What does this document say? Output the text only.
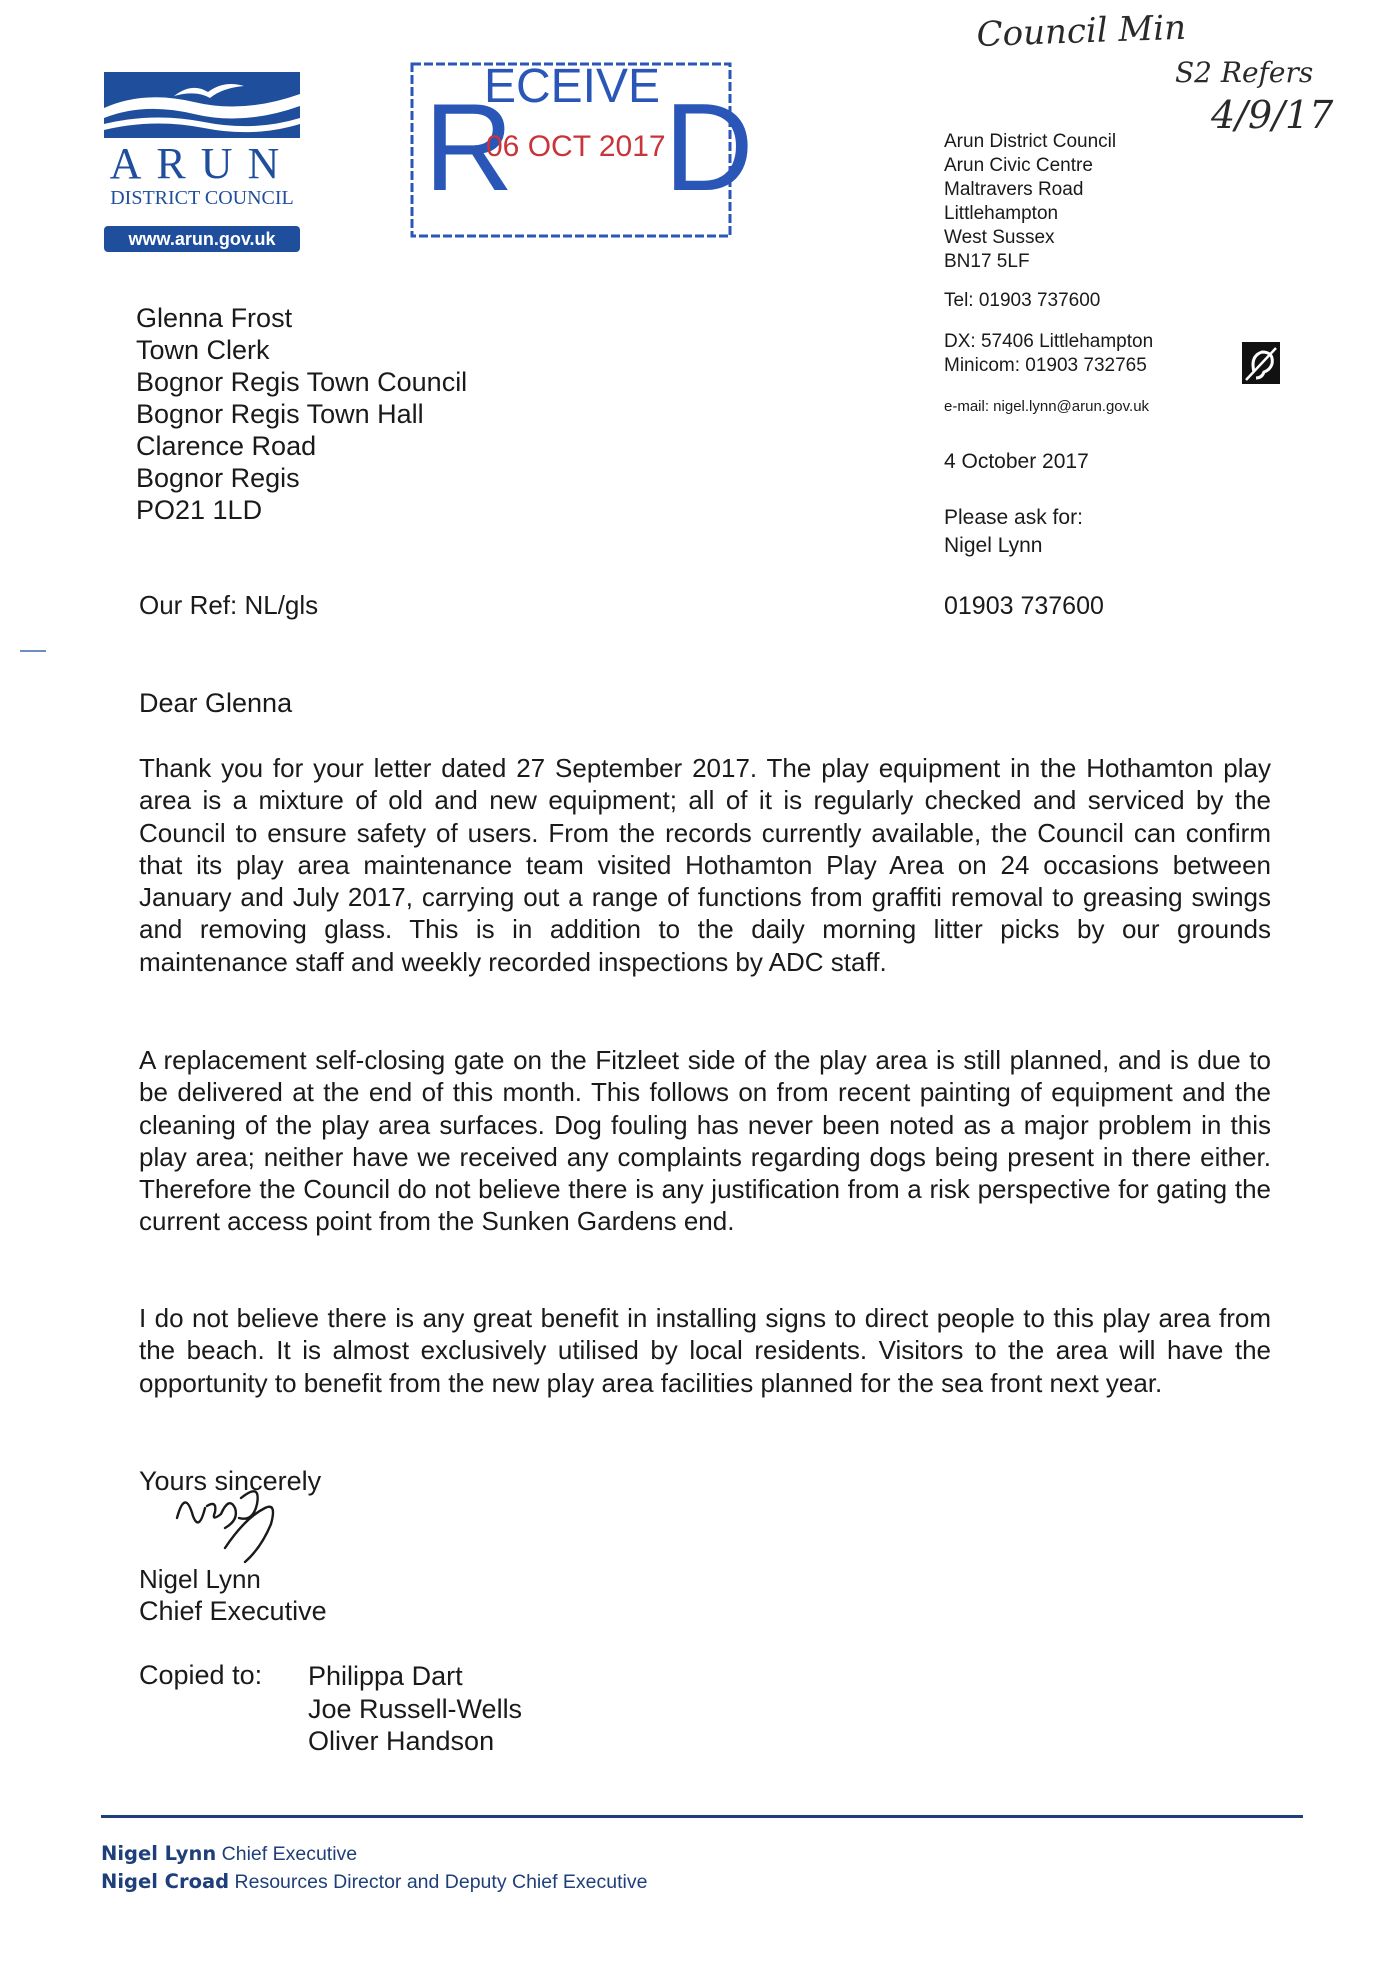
ARUN
DISTRICT COUNCIL
www.arun.gov.uk
R
ECEIVE D
06 OCT 2017
Council Min
S2 Refers
4/9/17
Arun District Council
Arun Civic Centre
Maltravers Road
Littlehampton
West Sussex
BN17 5LF
Tel: 01903 737600
DX: 57406 Littlehampton
Minicom: 01903 732765
e-mail: nigel.lynn@arun.gov.uk
4 October 2017
Please ask for:
Nigel Lynn
01903 737600
Glenna Frost
Town Clerk
Bognor Regis Town Council
Bognor Regis Town Hall
Clarence Road
Bognor Regis
PO21 1LD
Our Ref: NL/gls
Dear Glenna
Thank you for your letter dated 27 September 2017. The play equipment in the Hothamton play area is a mixture of old and new equipment; all of it is regularly checked and serviced by the Council to ensure safety of users. From the records currently available, the Council can confirm that its play area maintenance team visited Hothamton Play Area on 24 occasions between January and July 2017, carrying out a range of functions from graffiti removal to greasing swings and removing glass. This is in addition to the daily morning litter picks by our grounds maintenance staff and weekly recorded inspections by ADC staff.
A replacement self-closing gate on the Fitzleet side of the play area is still planned, and is due to be delivered at the end of this month. This follows on from recent painting of equipment and the cleaning of the play area surfaces. Dog fouling has never been noted as a major problem in this play area; neither have we received any complaints regarding dogs being present in there either. Therefore the Council do not believe there is any justification from a risk perspective for gating the current access point from the Sunken Gardens end.
I do not believe there is any great benefit in installing signs to direct people to this play area from the beach. It is almost exclusively utilised by local residents. Visitors to the area will have the opportunity to benefit from the new play area facilities planned for the sea front next year.
Yours sincerely
Nigel Lynn
Chief Executive
Copied to: Philippa Dart
Joe Russell-Wells
Oliver Handson
Nigel Lynn Chief Executive
Nigel Croad Resources Director and Deputy Chief Executive
